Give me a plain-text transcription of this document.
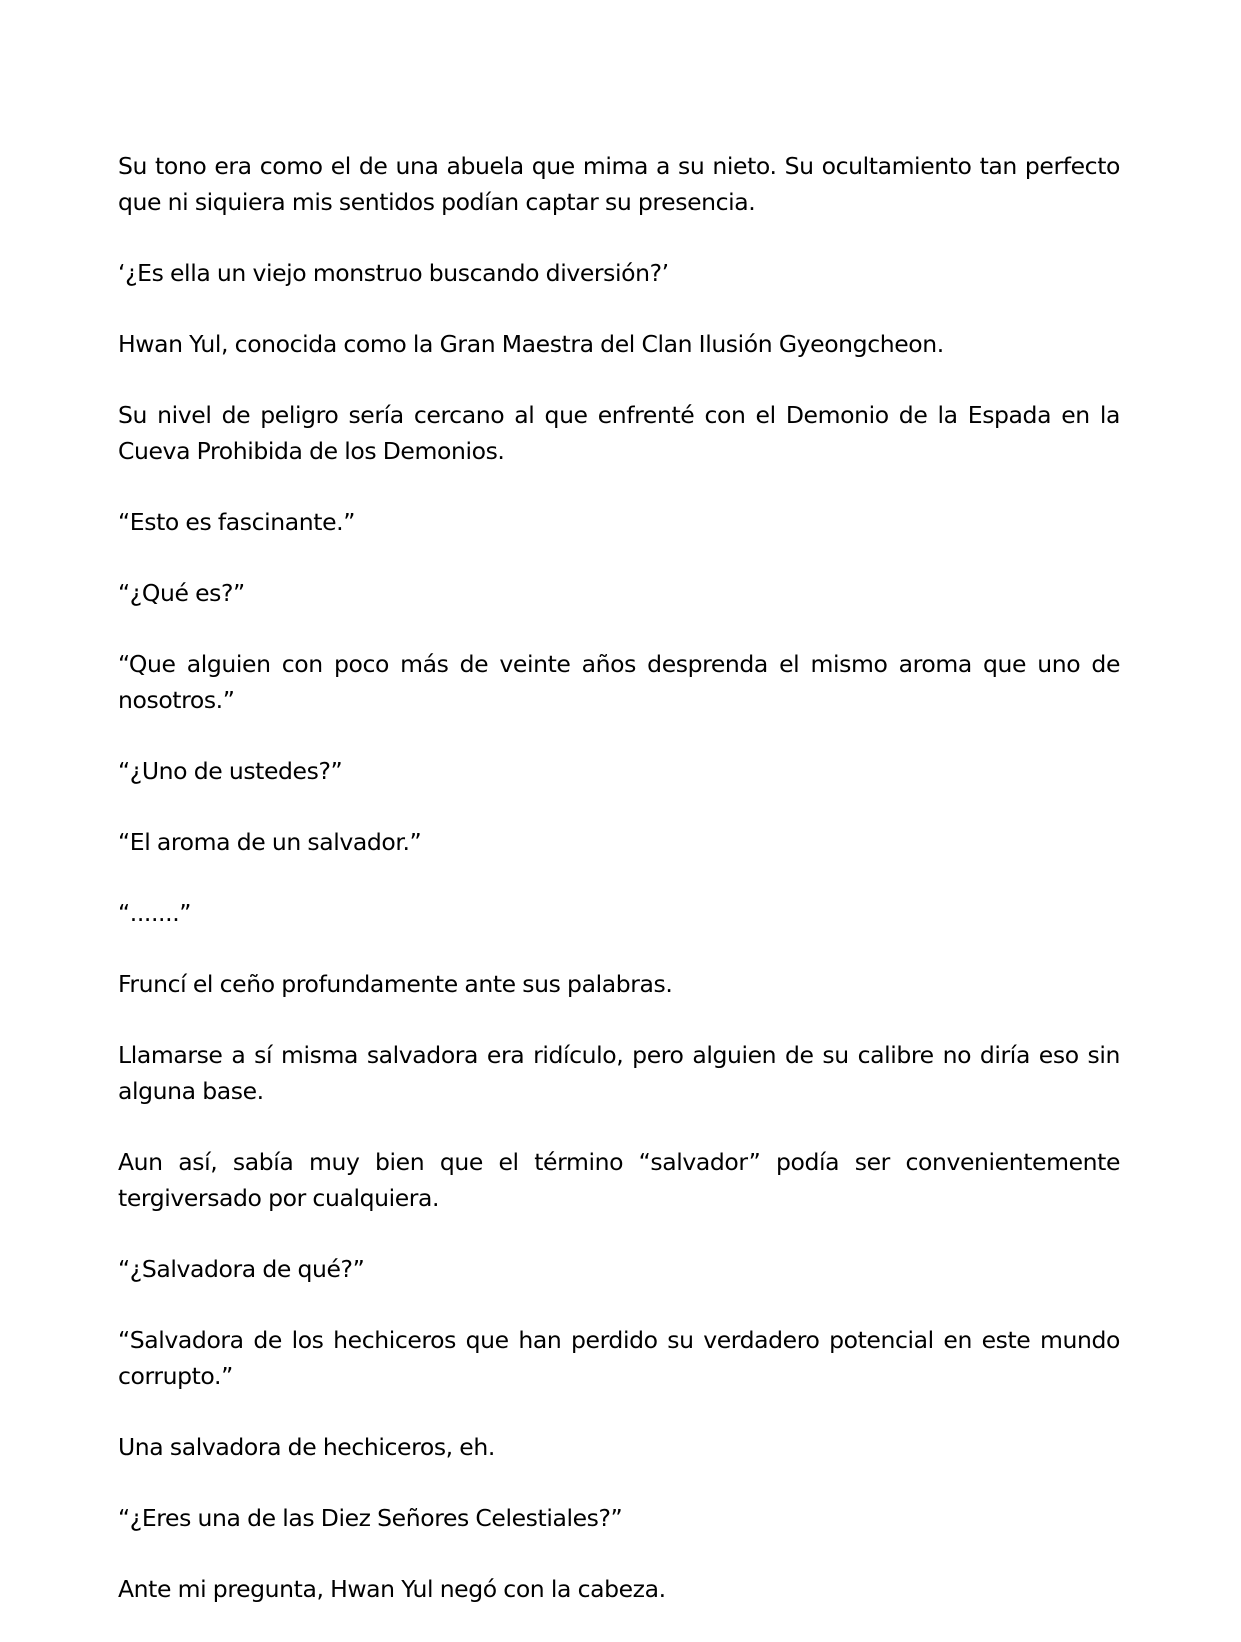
Su tono era como el de una abuela que mima a su nieto. Su ocultamiento tan perfecto que ni siquiera mis sentidos podían captar su presencia.

‘¿Es ella un viejo monstruo buscando diversión?’

Hwan Yul, conocida como la Gran Maestra del Clan Ilusión Gyeongcheon.

Su nivel de peligro sería cercano al que enfrenté con el Demonio de la Espada en la Cueva Prohibida de los Demonios.

“Esto es fascinante.”

“¿Qué es?”

“Que alguien con poco más de veinte años desprenda el mismo aroma que uno de nosotros.”

“¿Uno de ustedes?”

“El aroma de un salvador.”

“.......”

Fruncí el ceño profundamente ante sus palabras.

Llamarse a sí misma salvadora era ridículo, pero alguien de su calibre no diría eso sin alguna base.

Aun así, sabía muy bien que el término “salvador” podía ser convenientemente tergiversado por cualquiera.

“¿Salvadora de qué?”

“Salvadora de los hechiceros que han perdido su verdadero potencial en este mundo corrupto.”

Una salvadora de hechiceros, eh.

“¿Eres una de las Diez Señores Celestiales?”

Ante mi pregunta, Hwan Yul negó con la cabeza.
